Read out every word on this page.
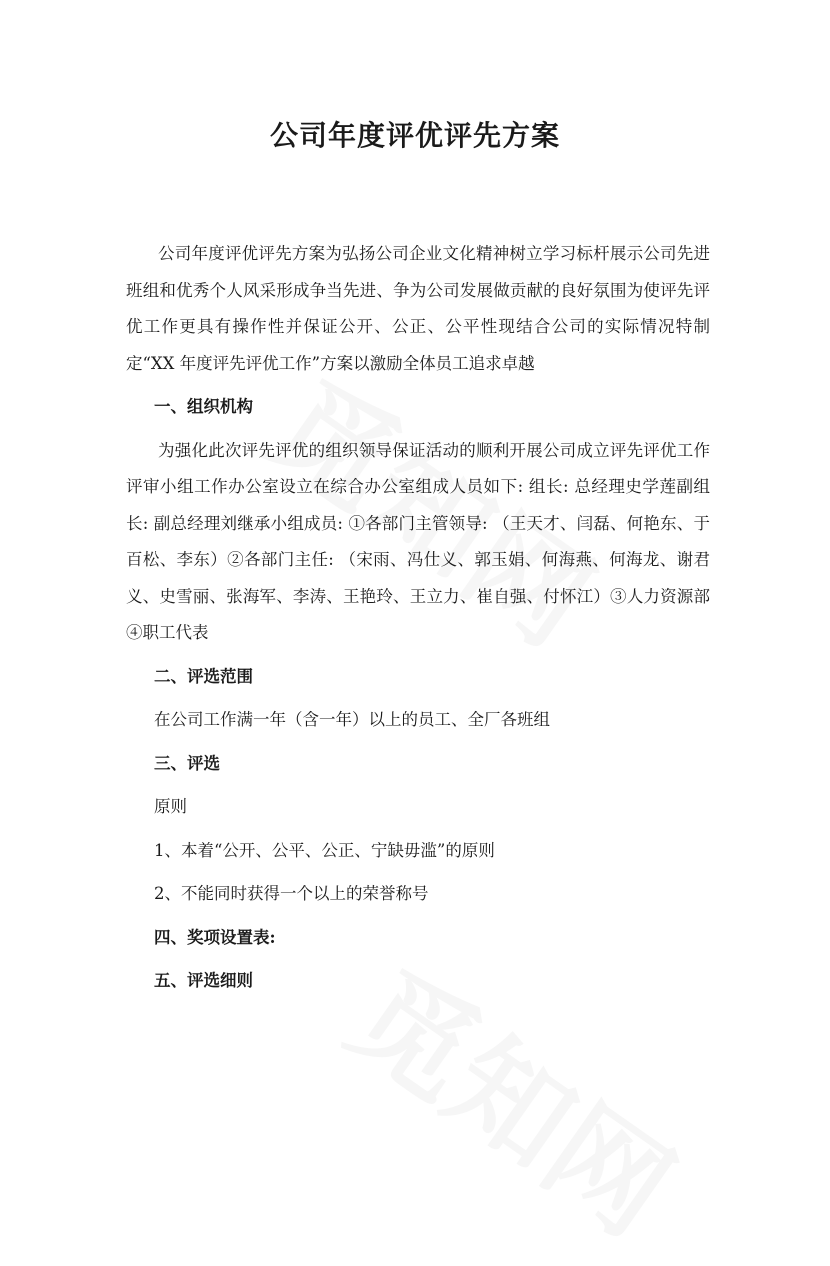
公司年度评优评先方案

公司年度评优评先方案为弘扬公司企业文化精神树立学习标杆展示公司先进班组和优秀个人风采形成争当先进、争为公司发展做贡献的良好氛围为使评先评优工作更具有操作性并保证公开、公正、公平性现结合公司的实际情况特制定“XX 年度评先评优工作”方案以激励全体员工追求卓越

一、组织机构

为强化此次评先评优的组织领导保证活动的顺利开展公司成立评先评优工作评审小组工作办公室设立在综合办公室组成人员如下: 组长: 总经理史学莲副组长: 副总经理刘继承小组成员: ①各部门主管领导: （王天才、闫磊、何艳东、于百松、李东）②各部门主任: （宋雨、冯仕义、郭玉娟、何海燕、何海龙、谢君义、史雪丽、张海军、李涛、王艳玲、王立力、崔自强、付怀江）③人力资源部④职工代表

二、评选范围

在公司工作满一年（含一年）以上的员工、全厂各班组

三、评选

原则

1、本着“公开、公平、公正、宁缺毋滥”的原则

2、不能同时获得一个以上的荣誉称号

四、奖项设置表:

五、评选细则
